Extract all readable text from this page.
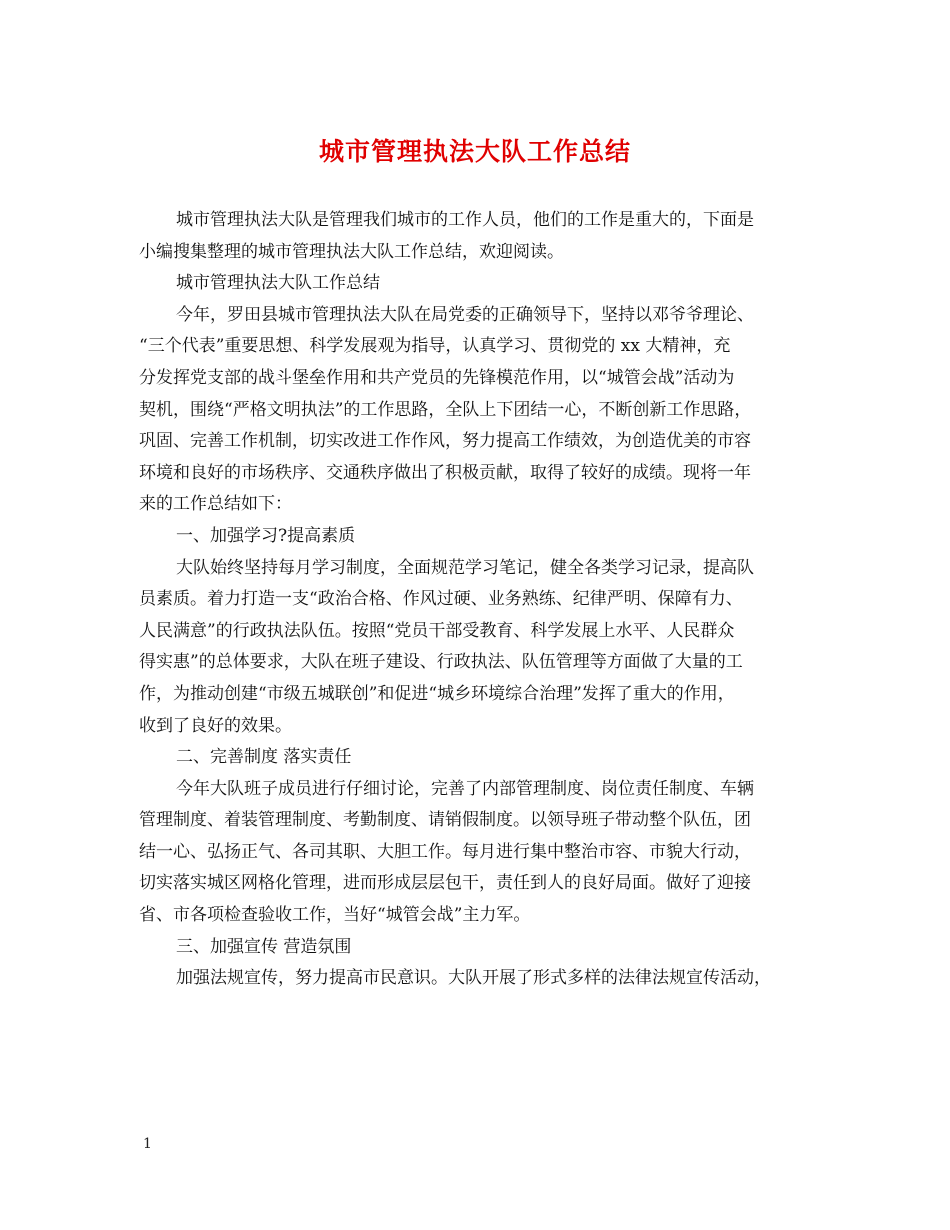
城市管理执法大队工作总结
城市管理执法大队是管理我们城市的工作人员，他们的工作是重大的，下面是
小编搜集整理的城市管理执法大队工作总结，欢迎阅读。
城市管理执法大队工作总结
今年，罗田县城市管理执法大队在局党委的正确领导下，坚持以邓爷爷理论、
“三个代表”重要思想、科学发展观为指导，认真学习、贯彻党的 xx 大精神，充
分发挥党支部的战斗堡垒作用和共产党员的先锋模范作用，以“城管会战”活动为
契机，围绕“严格文明执法”的工作思路，全队上下团结一心，不断创新工作思路，
巩固、完善工作机制，切实改进工作作风，努力提高工作绩效，为创造优美的市容
环境和良好的市场秩序、交通秩序做出了积极贡献，取得了较好的成绩。现将一年
来的工作总结如下：
一、加强学习?提高素质
大队始终坚持每月学习制度，全面规范学习笔记，健全各类学习记录，提高队
员素质。着力打造一支“政治合格、作风过硬、业务熟练、纪律严明、保障有力、
人民满意”的行政执法队伍。按照“党员干部受教育、科学发展上水平、人民群众
得实惠”的总体要求，大队在班子建设、行政执法、队伍管理等方面做了大量的工
作，为推动创建“市级五城联创”和促进“城乡环境综合治理”发挥了重大的作用，
收到了良好的效果。
二、完善制度 落实责任
今年大队班子成员进行仔细讨论，完善了内部管理制度、岗位责任制度、车辆
管理制度、着装管理制度、考勤制度、请销假制度。以领导班子带动整个队伍，团
结一心、弘扬正气、各司其职、大胆工作。每月进行集中整治市容、市貌大行动，
切实落实城区网格化管理，进而形成层层包干，责任到人的良好局面。做好了迎接
省、市各项检查验收工作，当好“城管会战”主力军。
三、加强宣传 营造氛围
加强法规宣传，努力提高市民意识。大队开展了形式多样的法律法规宣传活动，
1
